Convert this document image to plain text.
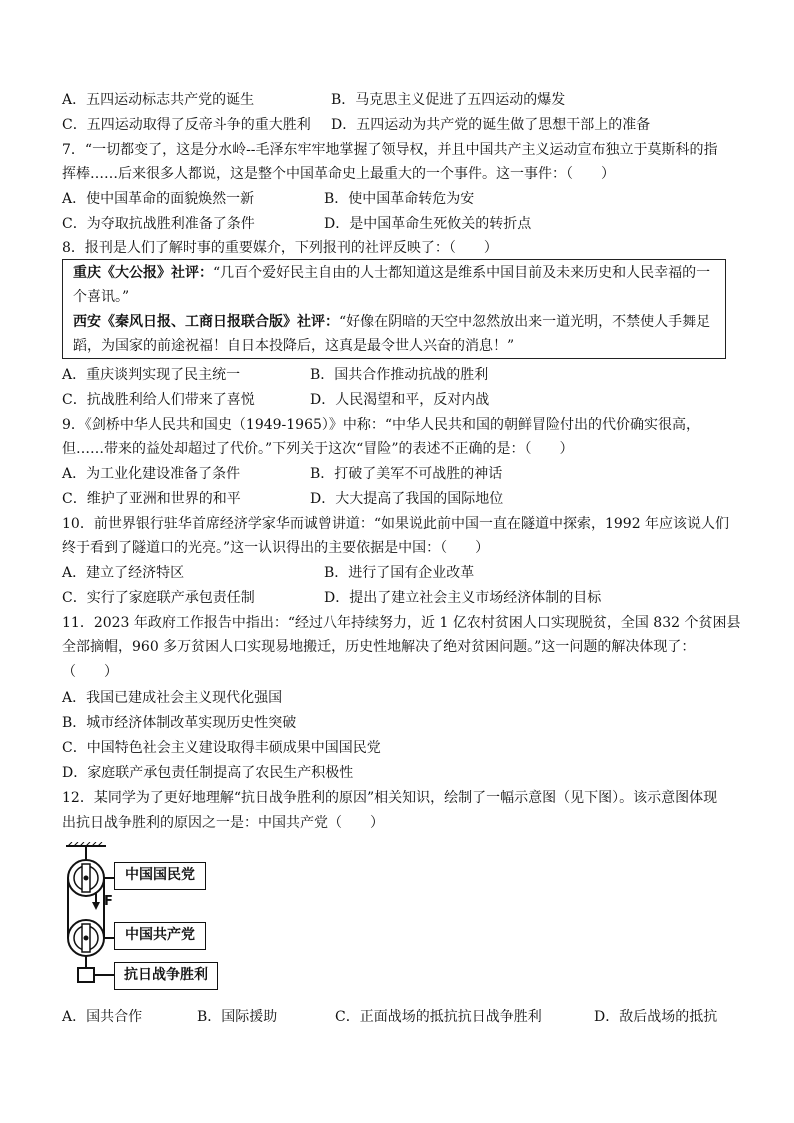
A．五四运动标志共产党的诞生	B．马克思主义促进了五四运动的爆发
C．五四运动取得了反帝斗争的重大胜利 D．五四运动为共产党的诞生做了思想干部上的准备
7．“一切都变了，这是分水岭--毛泽东牢牢地掌握了领导权，并且中国共产主义运动宣布独立于莫斯科的指
挥棒……后来很多人都说，这是整个中国革命史上最重大的一个事件。这一事件：（　　）
A．使中国革命的面貌焕然一新	B．使中国革命转危为安
C．为夺取抗战胜利准备了条件	D．是中国革命生死攸关的转折点
8．报刊是人们了解时事的重要媒介，下列报刊的社评反映了：（　　）
重庆《大公报》社评：“几百个爱好民主自由的人士都知道这是维系中国目前及未来历史和人民幸福的一
个喜讯。”
西安《秦风日报、工商日报联合版》社评：“好像在阴暗的天空中忽然放出来一道光明，不禁使人手舞足
蹈，为国家的前途祝福！自日本投降后，这真是最令世人兴奋的消息！”
A．重庆谈判实现了民主统一	B．国共合作推动抗战的胜利
C．抗战胜利给人们带来了喜悦	D．人民渴望和平，反对内战
9．《剑桥中华人民共和国史（1949-1965）》中称：“中华人民共和国的朝鲜冒险付出的代价确实很高，
但……带来的益处却超过了代价。”下列关于这次“冒险”的表述不正确的是：（　　）
A．为工业化建设准备了条件	B．打破了美军不可战胜的神话
C．维护了亚洲和世界的和平	D．大大提高了我国的国际地位
10．前世界银行驻华首席经济学家华而诚曾讲道：“如果说此前中国一直在隧道中探索，1992 年应该说人们
终于看到了隧道口的光亮。”这一认识得出的主要依据是中国：（　　）
A．建立了经济特区	B．进行了国有企业改革
C．实行了家庭联产承包责任制	D．提出了建立社会主义市场经济体制的目标
11．2023 年政府工作报告中指出：“经过八年持续努力，近 1 亿农村贫困人口实现脱贫，全国 832 个贫困县
全部摘帽，960 多万贫困人口实现易地搬迁，历史性地解决了绝对贫困问题。”这一问题的解决体现了：
（　　）
A．我国已建成社会主义现代化强国
B．城市经济体制改革实现历史性突破
C．中国特色社会主义建设取得丰硕成果中国国民党
D．家庭联产承包责任制提高了农民生产积极性
12．某同学为了更好地理解“抗日战争胜利的原因”相关知识，绘制了一幅示意图（见下图）。该示意图体现
出抗日战争胜利的原因之一是：中国共产党（　　）
中国国民党
F
中国共产党
抗日战争胜利
A．国共合作	B．国际援助	C．正面战场的抵抗抗日战争胜利	D．敌后战场的抵抗
